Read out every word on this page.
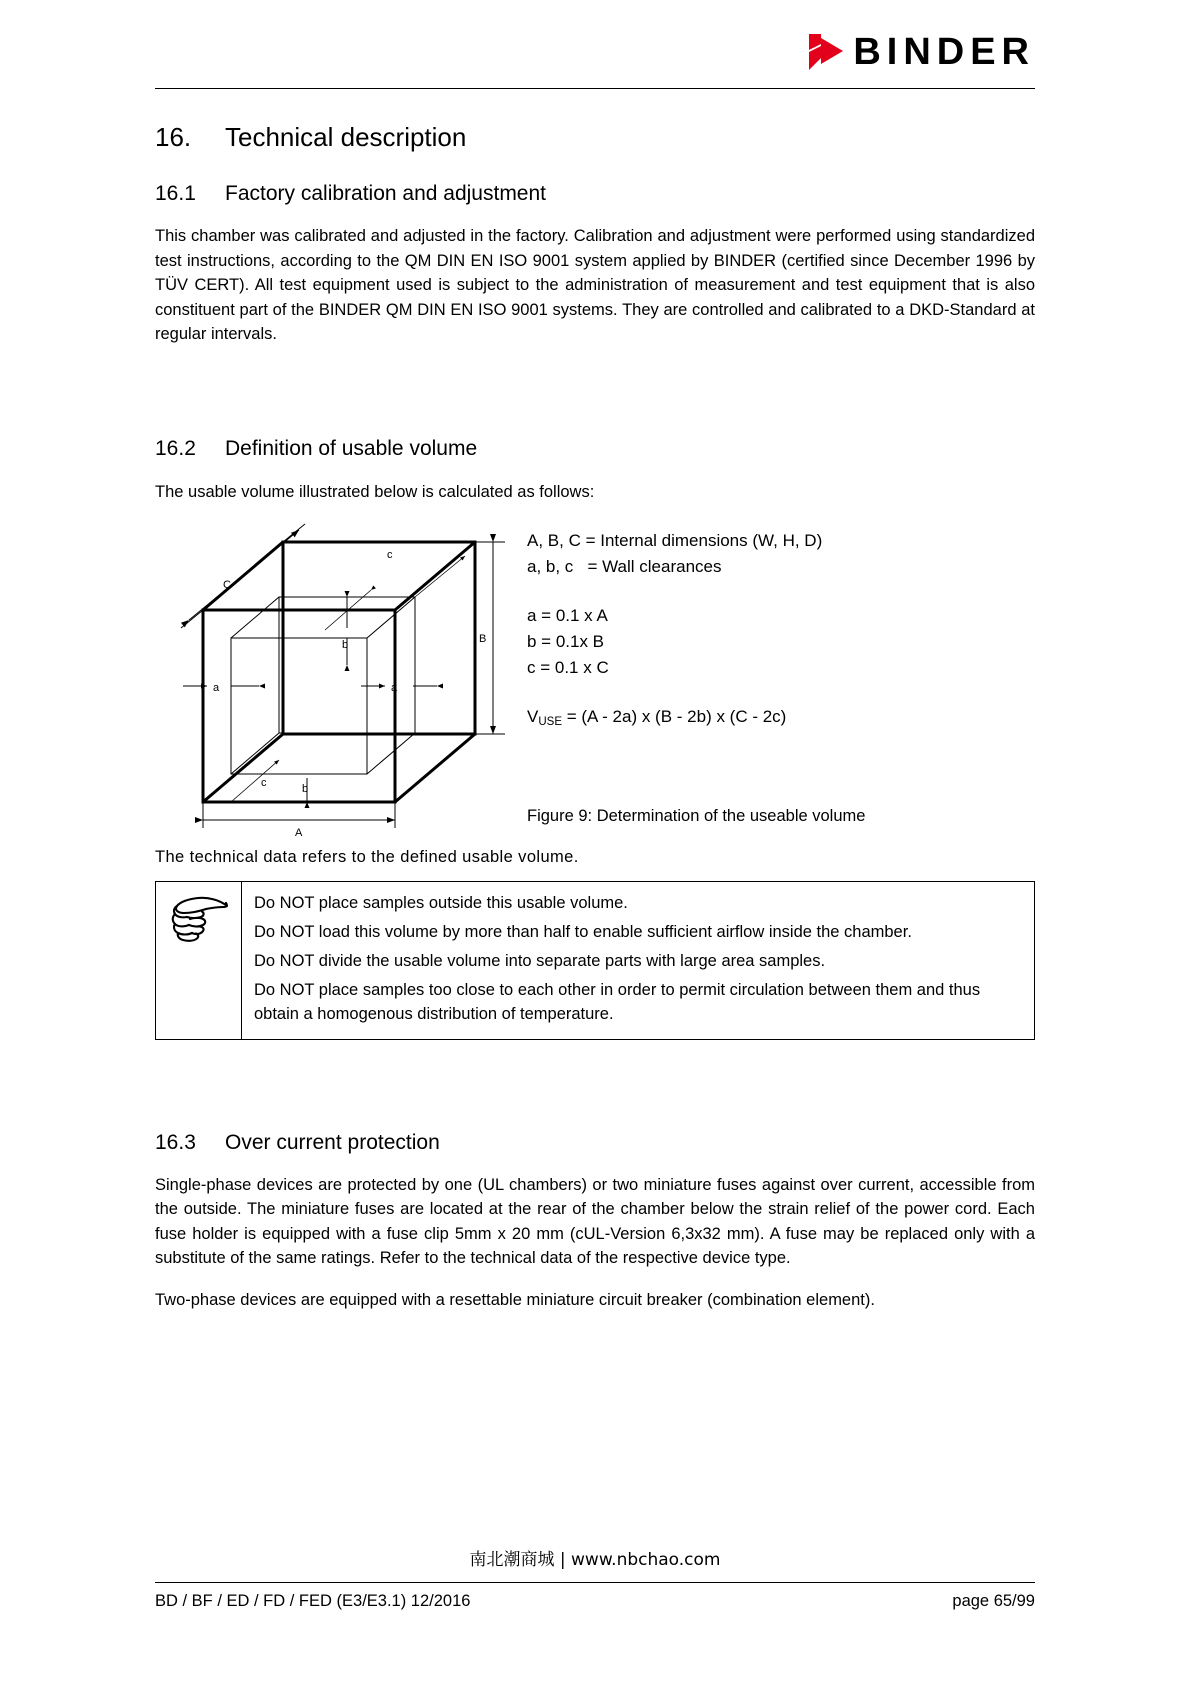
BINDER
16.	Technical description
16.1	Factory calibration and adjustment

This chamber was calibrated and adjusted in the factory. Calibration and adjustment were performed using standardized test instructions, according to the QM DIN EN ISO 9001 system applied by BINDER (certified since December 1996 by TÜV CERT). All test equipment used is subject to the administration of measurement and test equipment that is also constituent part of the BINDER QM DIN EN ISO 9001 systems. They are controlled and calibrated to a DKD-Standard at regular intervals.

16.2	Definition of usable volume

The usable volume illustrated below is calculated as follows:

C
c
b
a	a
c	b
B
A
A, B, C = Internal dimensions (W, H, D)
a, b, c   = Wall clearances
a = 0.1 x A
b = 0.1x B
c = 0.1 x C
$V_{USE} = (A - 2a)$ x (B - 2b) x (C - 2c)
Figure 9: Determination of the useable volume

The technical data refers to the defined usable volume.

Do NOT place samples outside this usable volume.

Do NOT load this volume by more than half to enable sufficient airflow inside the chamber.

Do NOT divide the usable volume into separate parts with large area samples.

Do NOT place samples too close to each other in order to permit circulation between them and thus obtain a homogenous distribution of temperature.

16.3	Over current protection

Single-phase devices are protected by one (UL chambers) or two miniature fuses against over current, accessible from the outside. The miniature fuses are located at the rear of the chamber below the strain relief of the power cord. Each fuse holder is equipped with a fuse clip 5mm x 20 mm (cUL-Version 6,3x32 mm). A fuse may be replaced only with a substitute of the same ratings. Refer to the technical data of the respective device type.

Two-phase devices are equipped with a resettable miniature circuit breaker (combination element).

南北潮商城 | www.nbchao.com
BD / BF / ED / FD / FED (E3/E3.1) 12/2016	page 65/99
